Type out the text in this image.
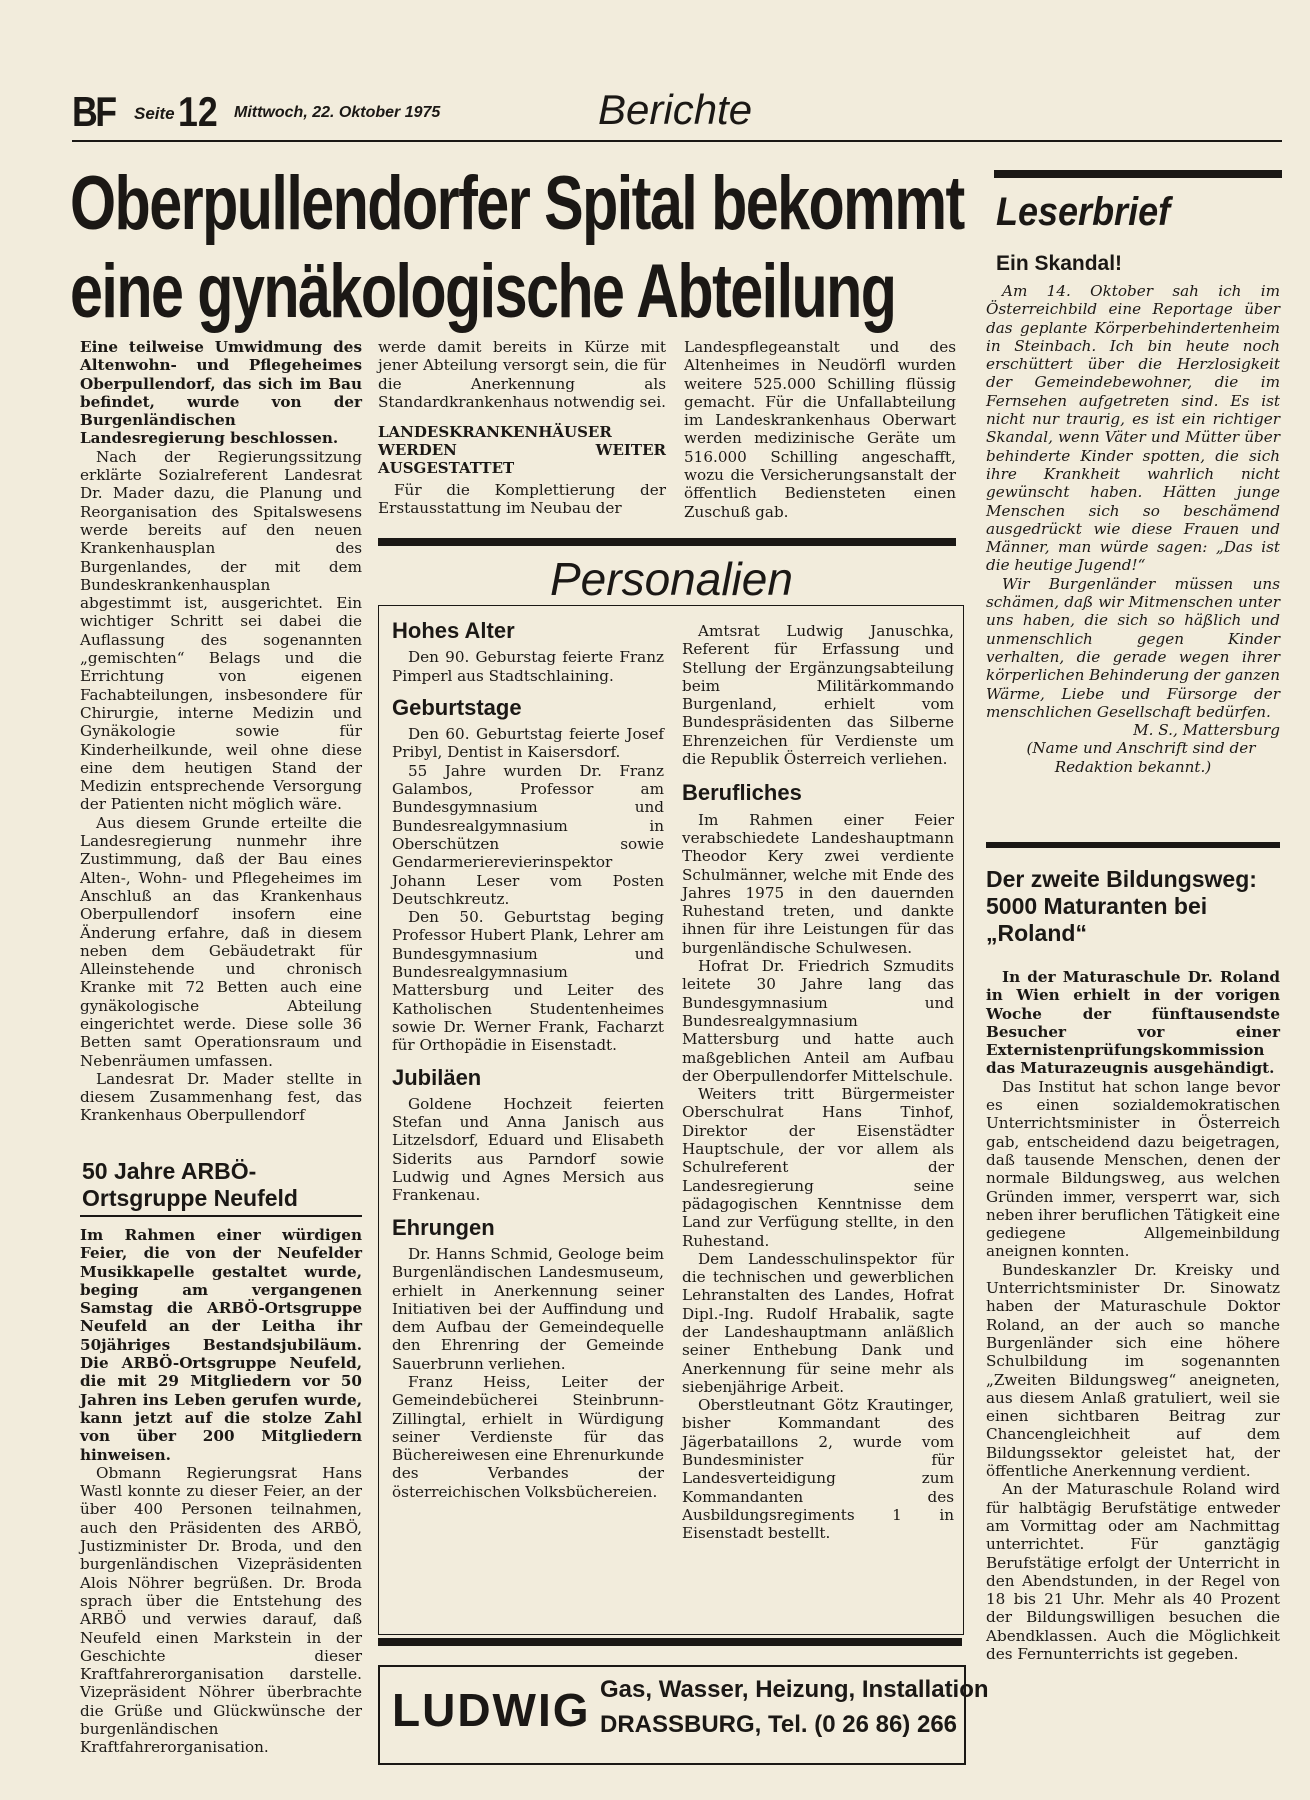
BF Seite 12 Mittwoch, 22. Oktober 1975	Berichte
Oberpullendorfer Spital bekommt
eine gynäkologische Abteilung

Eine teilweise Umwidmung des Altenwohn- und Pflegeheimes Oberpullendorf, das sich im Bau befindet, wurde von der Burgenländischen Landesregierung beschlossen.

Nach der Regierungssitzung erklärte Sozialreferent Landesrat Dr. Mader dazu, die Planung und Reorganisation des Spitalswesens werde bereits auf den neuen Krankenhausplan des Burgenlandes, der mit dem Bundeskrankenhausplan abgestimmt ist, ausgerichtet. Ein wichtiger Schritt sei dabei die Auflassung des sogenannten „gemischten“ Belags und die Errichtung von eigenen Fachabteilungen, insbesondere für Chirurgie, interne Medizin und Gynäkologie sowie für Kinderheilkunde, weil ohne diese eine dem heutigen Stand der Medizin entsprechende Versorgung der Patienten nicht möglich wäre.

Aus diesem Grunde erteilte die Landesregierung nunmehr ihre Zustimmung, daß der Bau eines Alten-, Wohn- und Pflegeheimes im Anschluß an das Krankenhaus Oberpullendorf insofern eine Änderung erfahre, daß in diesem neben dem Gebäudetrakt für Alleinstehende und chronisch Kranke mit 72 Betten auch eine gynäkologische Abteilung eingerichtet werde. Diese solle 36 Betten samt Operationsraum und Nebenräumen umfassen.

Landesrat Dr. Mader stellte in diesem Zusammenhang fest, das Krankenhaus Oberpullendorf

werde damit bereits in Kürze mit jener Abteilung versorgt sein, die für die Anerkennung als Standardkrankenhaus notwendig sei.

LANDESKRANKENHÄUSER WERDEN WEITER AUSGESTATTET

Für die Komplettierung der Erstausstattung im Neubau der

Landespflegeanstalt und des Altenheimes in Neudörfl wurden weitere 525.000 Schilling flüssig gemacht. Für die Unfallabteilung im Landeskrankenhaus Oberwart werden medizinische Geräte um 516.000 Schilling angeschafft, wozu die Versicherungsanstalt der öffentlich Bediensteten einen Zuschuß gab.

Personalien
Hohes Alter

Den 90. Geburstag feierte Franz Pimperl aus Stadtschlaining.

Geburtstage

Den 60. Geburtstag feierte Josef Pribyl, Dentist in Kaisersdorf.

55 Jahre wurden Dr. Franz Galambos, Professor am Bundesgymnasium und Bundesrealgymnasium in Oberschützen sowie Gendarmerierevierinspektor Johann Leser vom Posten Deutschkreutz.

Den 50. Geburtstag beging Professor Hubert Plank, Lehrer am Bundesgymnasium und Bundesrealgymnasium Mattersburg und Leiter des Katholischen Studentenheimes sowie Dr. Werner Frank, Facharzt für Orthopädie in Eisenstadt.

Jubiläen

Goldene Hochzeit feierten Stefan und Anna Janisch aus Litzelsdorf, Eduard und Elisabeth Siderits aus Parndorf sowie Ludwig und Agnes Mersich aus Frankenau.

Ehrungen

Dr. Hanns Schmid, Geologe beim Burgenländischen Landesmuseum, erhielt in Anerkennung seiner Initiativen bei der Auffindung und dem Aufbau der Gemeindequelle den Ehrenring der Gemeinde Sauerbrunn verliehen.

Franz Heiss, Leiter der Gemeindebücherei Steinbrunn-Zillingtal, erhielt in Würdigung seiner Verdienste für das Büchereiwesen eine Ehrenurkunde des Verbandes der österreichischen Volksbüchereien.

Amtsrat Ludwig Januschka, Referent für Erfassung und Stellung der Ergänzungsabteilung beim Militärkommando Burgenland, erhielt vom Bundespräsidenten das Silberne Ehrenzeichen für Verdienste um die Republik Österreich verliehen.

Berufliches

Im Rahmen einer Feier verabschiedete Landeshauptmann Theodor Kery zwei verdiente Schulmänner, welche mit Ende des Jahres 1975 in den dauernden Ruhestand treten, und dankte ihnen für ihre Leistungen für das burgenländische Schulwesen.

Hofrat Dr. Friedrich Szmudits leitete 30 Jahre lang das Bundesgymnasium und Bundesrealgymnasium Mattersburg und hatte auch maßgeblichen Anteil am Aufbau der Oberpullendorfer Mittelschule.

Weiters tritt Bürgermeister Oberschulrat Hans Tinhof, Direktor der Eisenstädter Hauptschule, der vor allem als Schulreferent der Landesregierung seine pädagogischen Kenntnisse dem Land zur Verfügung stellte, in den Ruhestand.

Dem Landesschulinspektor für die technischen und gewerblichen Lehranstalten des Landes, Hofrat Dipl.-Ing. Rudolf Hrabalik, sagte der Landeshauptmann anläßlich seiner Enthebung Dank und Anerkennung für seine mehr als siebenjährige Arbeit.

Oberstleutnant Götz Krautinger, bisher Kommandant des Jägerbataillons 2, wurde vom Bundesminister für Landesverteidigung zum Kommandanten des Ausbildungsregiments 1 in Eisenstadt bestellt.

50 Jahre ARBÖ-Ortsgruppe Neufeld

Im Rahmen einer würdigen Feier, die von der Neufelder Musikkapelle gestaltet wurde, beging am vergangenen Samstag die ARBÖ-Ortsgruppe Neufeld an der Leitha ihr 50jähriges Bestandsjubiläum. Die ARBÖ-Ortsgruppe Neufeld, die mit 29 Mitgliedern vor 50 Jahren ins Leben gerufen wurde, kann jetzt auf die stolze Zahl von über 200 Mitgliedern hinweisen.

Obmann Regierungsrat Hans Wastl konnte zu dieser Feier, an der über 400 Personen teilnahmen, auch den Präsidenten des ARBÖ, Justizminister Dr. Broda, und den burgenländischen Vizepräsidenten Alois Nöhrer begrüßen. Dr. Broda sprach über die Entstehung des ARBÖ und verwies darauf, daß Neufeld einen Markstein in der Geschichte dieser Kraftfahrerorganisation darstelle. Vizepräsident Nöhrer überbrachte die Grüße und Glückwünsche der burgenländischen Kraftfahrerorganisation.

Leserbrief
Ein Skandal!

Am 14. Oktober sah ich im Österreichbild eine Reportage über das geplante Körperbehindertenheim in Steinbach. Ich bin heute noch erschüttert über die Herzlosigkeit der Gemeindebewohner, die im Fernsehen aufgetreten sind. Es ist nicht nur traurig, es ist ein richtiger Skandal, wenn Väter und Mütter über behinderte Kinder spotten, die sich ihre Krankheit wahrlich nicht gewünscht haben. Hätten junge Menschen sich so beschämend ausgedrückt wie diese Frauen und Männer, man würde sagen: „Das ist die heutige Jugend!“

Wir Burgenländer müssen uns schämen, daß wir Mitmenschen unter uns haben, die sich so häßlich und unmenschlich gegen Kinder verhalten, die gerade wegen ihrer körperlichen Behinderung der ganzen Wärme, Liebe und Fürsorge der menschlichen Gesellschaft bedürfen.

M. S., Mattersburg

(Name und Anschrift sind der Redaktion bekannt.)

Der zweite Bildungsweg: 5000 Maturanten bei „Roland“

In der Maturaschule Dr. Roland in Wien erhielt in der vorigen Woche der fünftausendste Besucher vor einer Externistenprüfungskommission das Maturazeugnis ausgehändigt.

Das Institut hat schon lange bevor es einen sozialdemokratischen Unterrichtsminister in Österreich gab, entscheidend dazu beigetragen, daß tausende Menschen, denen der normale Bildungsweg, aus welchen Gründen immer, versperrt war, sich neben ihrer beruflichen Tätigkeit eine gediegene Allgemeinbildung aneignen konnten.

Bundeskanzler Dr. Kreisky und Unterrichtsminister Dr. Sinowatz haben der Maturaschule Doktor Roland, an der auch so manche Burgenländer sich eine höhere Schulbildung im sogenannten „Zweiten Bildungsweg“ aneigneten, aus diesem Anlaß gratuliert, weil sie einen sichtbaren Beitrag zur Chancengleichheit auf dem Bildungssektor geleistet hat, der öffentliche Anerkennung verdient.

An der Maturaschule Roland wird für halbtägig Berufstätige entweder am Vormittag oder am Nachmittag unterrichtet. Für ganztägig Berufstätige erfolgt der Unterricht in den Abendstunden, in der Regel von 18 bis 21 Uhr. Mehr als 40 Prozent der Bildungswilligen besuchen die Abendklassen. Auch die Möglichkeit des Fernunterrichts ist gegeben.

LUDWIG Gas, Wasser, Heizung, Installation
DRASSBURG, Tel. (0 26 86) 266
